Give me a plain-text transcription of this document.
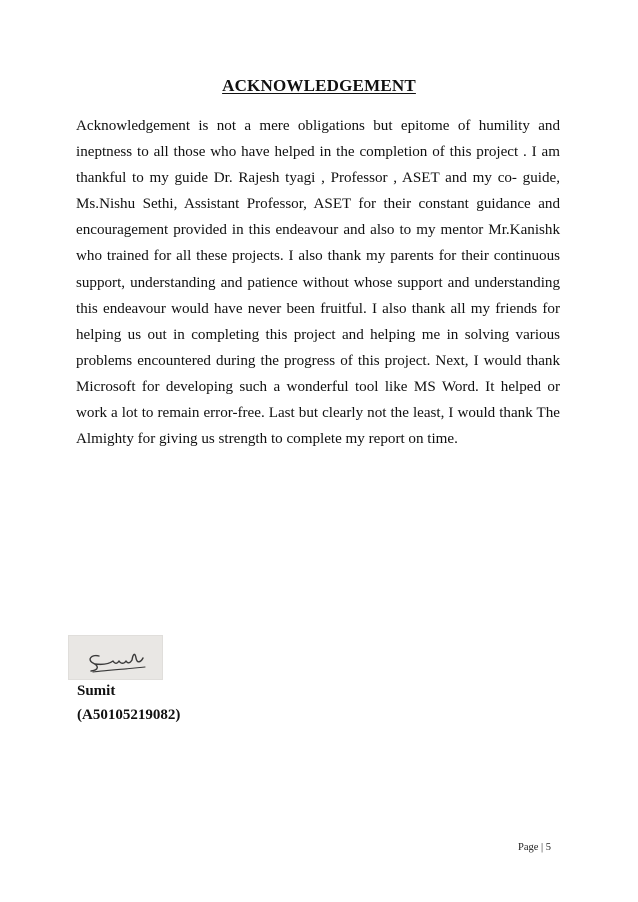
ACKNOWLEDGEMENT

Acknowledgement is not a mere obligations but epitome of humility and ineptness to all those who have helped in the completion of this project . I am thankful to my guide Dr. Rajesh tyagi , Professor , ASET and my co- guide, Ms.Nishu Sethi, Assistant Professor, ASET for their constant guidance and encouragement provided in this endeavour and also to my mentor Mr.Kanishk who trained for all these projects. I also thank my parents for their continuous support, understanding and patience without whose support and understanding this endeavour would have never been fruitful. I also thank all my friends for helping us out in completing this project and helping me in solving various problems encountered during the progress of this project. Next, I would thank Microsoft for developing such a wonderful tool like MS Word. It helped or work a lot to remain error-free. Last but clearly not the least, I would thank The Almighty for giving us strength to complete my report on time.

Sumit
(A50105219082)
Page | 5
